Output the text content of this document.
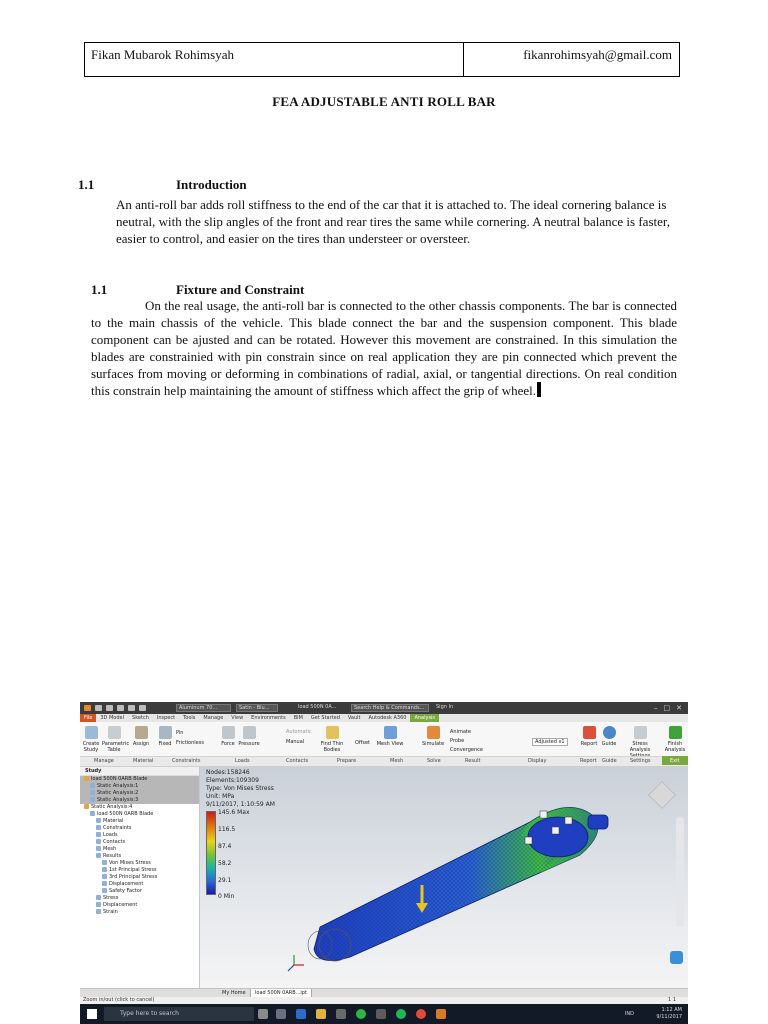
Fikan Mubarok Rohimsyah	fikanrohimsyah@gmail.com
FEA ADJUSTABLE ANTI ROLL BAR
1.1	Introduction
An anti-roll bar adds roll stiffness to the end of the car that it is attached to. The ideal cornering balance is neutral, with the slip angles of the front and rear tires the same while cornering. A neutral balance is faster, easier to control, and easier on the tires than understeer or oversteer.
1.1	Fixture and Constraint
On the real usage, the anti-roll bar is connected to the other chassis components. The bar is connected to the main chassis of the vehicle. This blade connect the bar and the suspension component. This blade component can be ajusted and can be rotated. However this movement are constrained. In this simulation the blades are constrainied with pin constrain since on real application they are pin connected which prevent the surfaces from moving or deforming in combinations of radial, axial, or tangential directions. On real condition this constrain help maintaining the amount of stiffness which affect the grip of wheel.
Aluminum 70...	Satin - Blu...	load 500N 0A...	Search Help & Commands...	Sign In	– □ ✕
File	3D Model	Sketch	Inspect	Tools	Manage	View	Environments	BIM	Get Started	Vault	Autodesk A360	Analysis
Create Study
Parametric Table
Assign	Fixed
Pin
Frictionless	Force Pressure
Automatic
Manual	Find Thin Bodies
Offset Mesh View	Simulate
Animate
Probe
Convergence
Adjusted x1	Report Guide	Stress Analysis
Finish Analysis
Manage	Material	Constraints	Loads	Contacts	Prepare	Mesh	Solve	Result	Display	Report Guide	Settings	Exit
Study
load 500N 0ARB Blade
Static Analysis:1
Static Analysis:2
Static Analysis:3
Static Analysis:4
load 500N 0ARB Blade
Material
Constraints
Loads
Contacts
Mesh
Results
Von Mises Stress
1st Principal Stress
3rd Principal Stress
Displacement
Safety Factor
Stress
Displacement
Strain
Nodes:158246
Elements:109309
Type: Von Mises Stress
Unit: MPa
9/11/2017, 1:10:59 AM
145.6 Max
116.5
87.4
58.2
29.1
0 Min
My Home	load 500N 0ARB...ipt
Zoom in/out (click to cancel)	1 1
Type here to search	IND
1:12 AM
9/11/2017
